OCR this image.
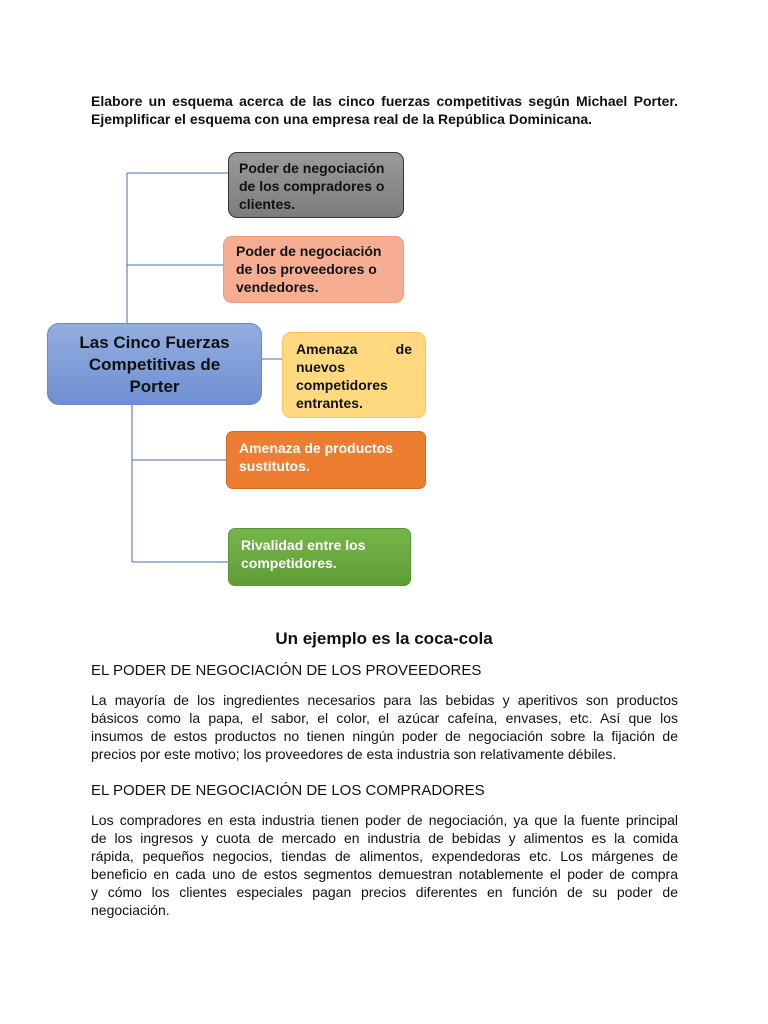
Elabore un esquema acerca de las cinco fuerzas competitivas según Michael Porter.
Ejemplificar el esquema con una empresa real de la República Dominicana.
Las Cinco Fuerzas
Competitivas de
Porter
Poder de negociación
de los compradores o
clientes.
Poder de negociación
de los proveedores o
vendedores.
Amenaza de
nuevos
competidores
entrantes.
Amenaza de productos
sustitutos.
Rivalidad entre los
competidores.
Un ejemplo es la coca-cola
EL PODER DE NEGOCIACIÓN DE LOS PROVEEDORES
La mayoría de los ingredientes necesarios para las bebidas y aperitivos son productos
básicos como la papa, el sabor, el color, el azúcar cafeína, envases, etc. Así que los
insumos de estos productos no tienen ningún poder de negociación sobre la fijación de
precios por este motivo; los proveedores de esta industria son relativamente débiles.
EL PODER DE NEGOCIACIÓN DE LOS COMPRADORES
Los compradores en esta industria tienen poder de negociación, ya que la fuente principal
de los ingresos y cuota de mercado en industria de bebidas y alimentos es la comida
rápida, pequeños negocios, tiendas de alimentos, expendedoras etc. Los márgenes de
beneficio en cada uno de estos segmentos demuestran notablemente el poder de compra
y cómo los clientes especiales pagan precios diferentes en función de su poder de
negociación.
